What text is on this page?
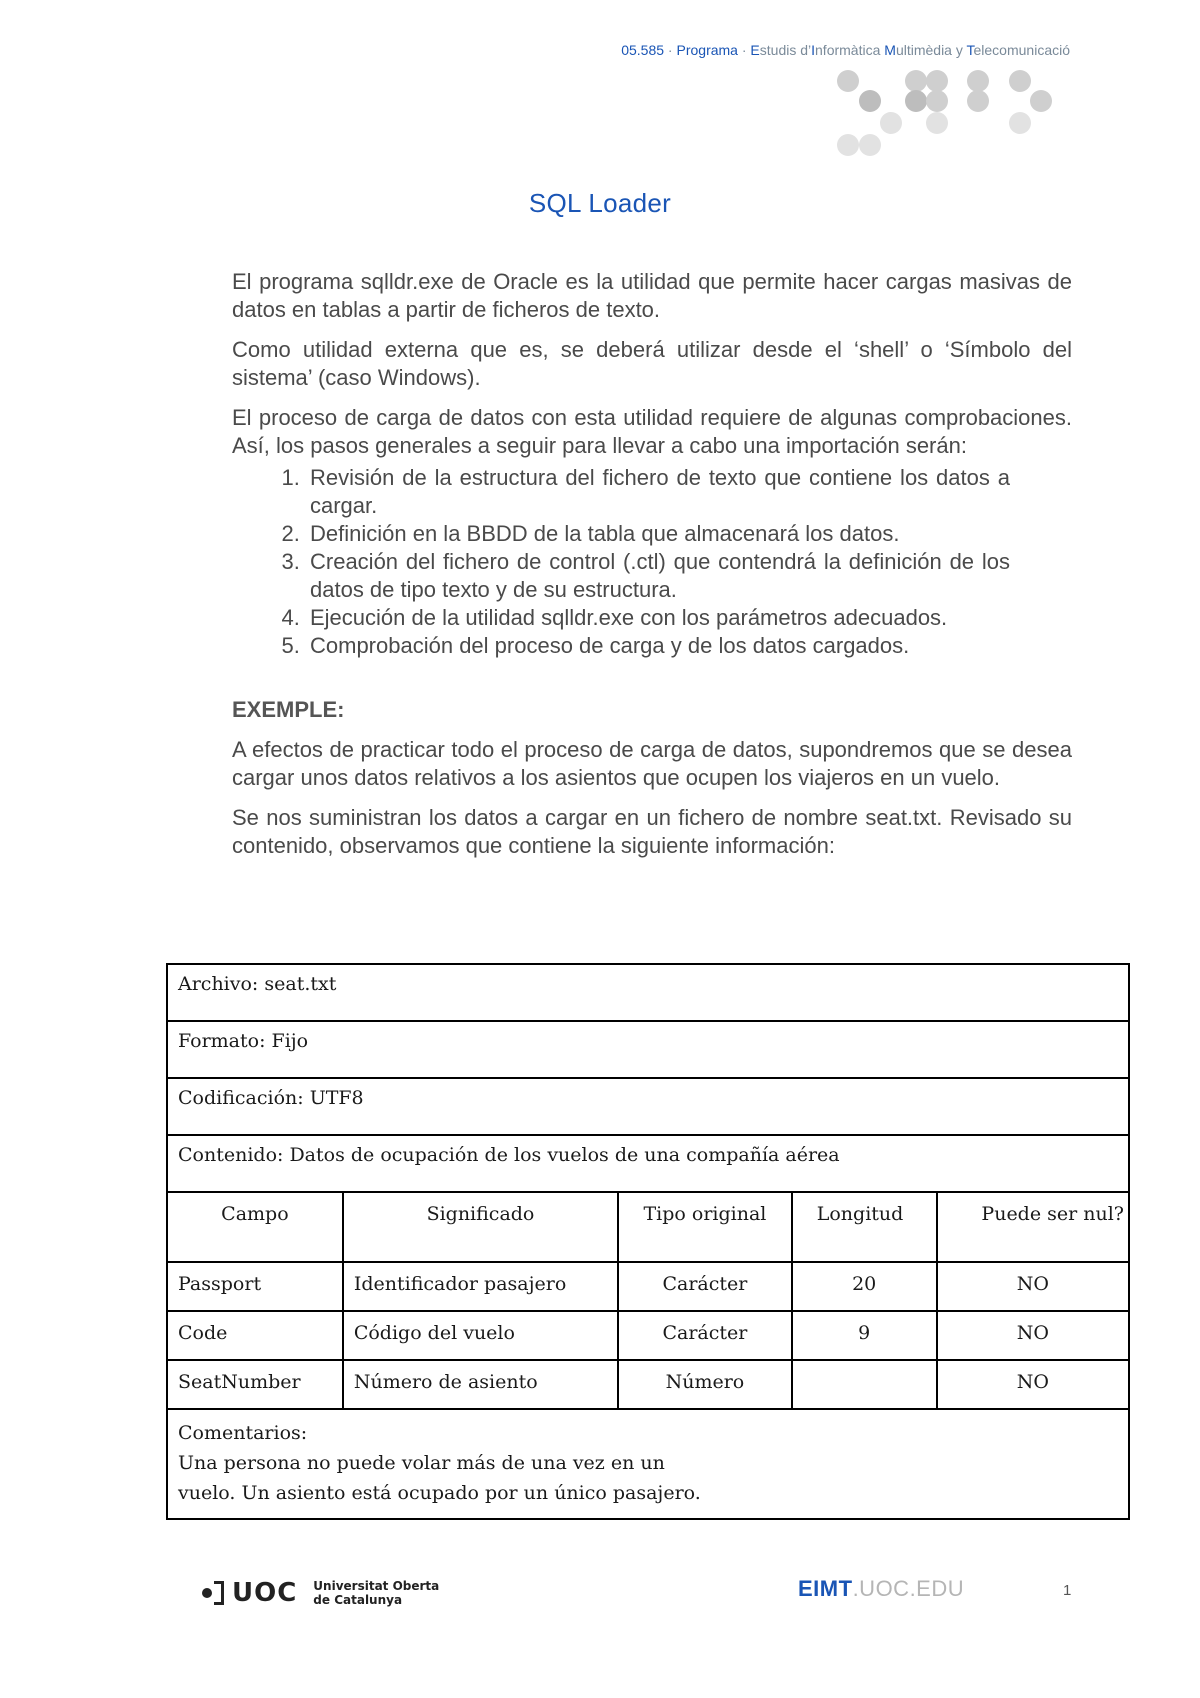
05.585 · Programa · Estudis d’Informàtica Multimèdia y Telecomunicació
SQL Loader

El programa sqlldr.exe de Oracle es la utilidad que permite hacer cargas masivas de datos en tablas a partir de ficheros de texto.

Como utilidad externa que es, se deberá utilizar desde el ‘shell’ o ‘Símbolo del sistema’ (caso Windows).

El proceso de carga de datos con esta utilidad requiere de algunas comprobaciones. Así, los pasos generales a seguir para llevar a cabo una importación serán:

1. Revisión de la estructura del fichero de texto que contiene los datos a cargar.
2. Definición en la BBDD de la tabla que almacenará los datos.
3. Creación del fichero de control (.ctl) que contendrá la definición de los datos de tipo texto y de su estructura.
4. Ejecución de la utilidad sqlldr.exe con los parámetros adecuados.
5. Comprobación del proceso de carga y de los datos cargados.

EXEMPLE:

A efectos de practicar todo el proceso de carga de datos, supondremos que se desea cargar unos datos relativos a los asientos que ocupen los viajeros en un vuelo.

Se nos suministran los datos a cargar en un fichero de nombre seat.txt. Revisado su contenido, observamos que contiene la siguiente información:

Archivo: seat.txt				
Formato: Fijo				
Codificación: UTF8				
Contenido: Datos de ocupación de los vuelos de una compañía aérea				
Campo	Significado	Tipo original	Longitud	Puede ser nul?
Passport	Identificador pasajero	Carácter	20	NO
Code	Código del vuelo	Carácter	9	NO
SeatNumber	Número de asiento	Número		NO

Comentarios:
Una persona no puede volar más de una vez en un
vuelo. Un asiento está ocupado por un único pasajero.				
UOC Universitat Oberta
de Catalunya	EIMT.UOC.EDU	1
